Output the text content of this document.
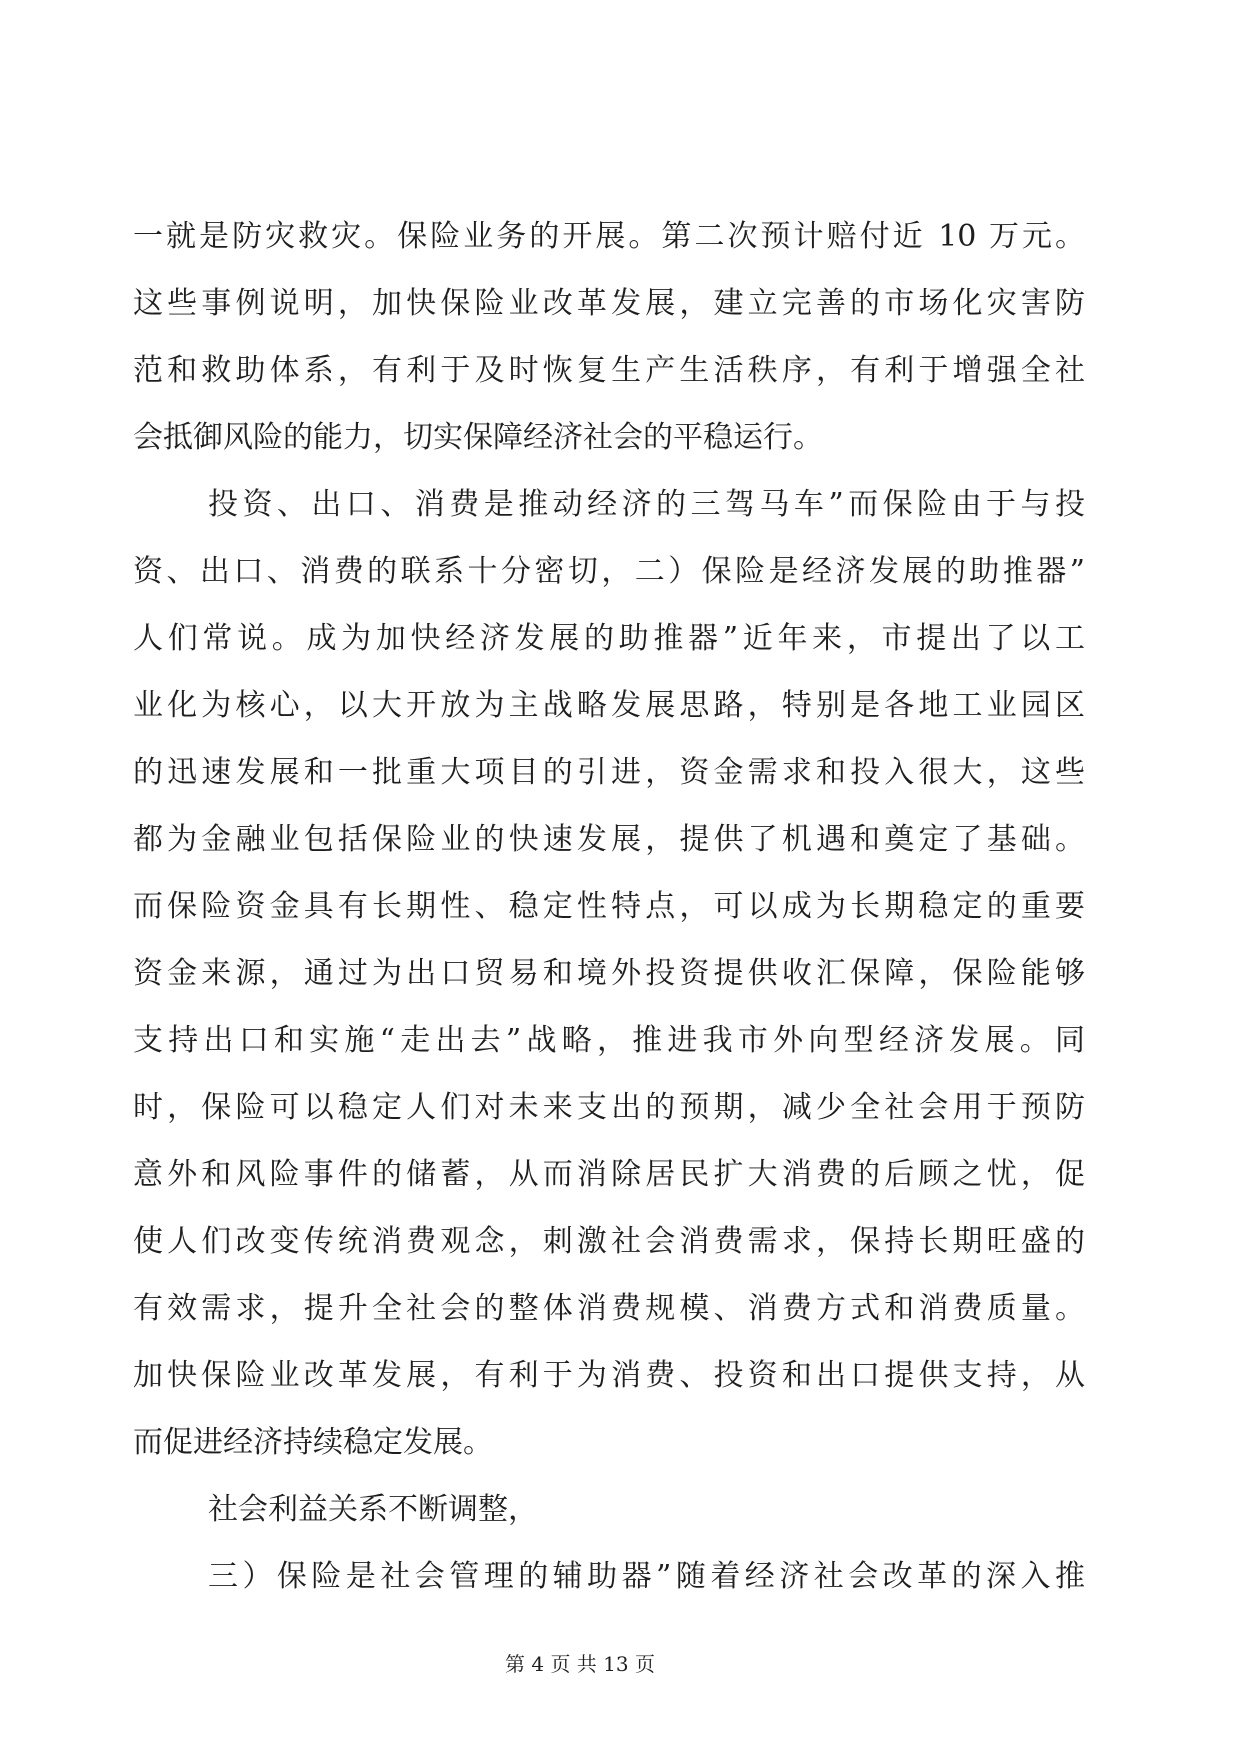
一就是防灾救灾。保险业务的开展。第二次预计赔付近 10 万元。
这些事例说明，加快保险业改革发展，建立完善的市场化灾害防
范和救助体系，有利于及时恢复生产生活秩序，有利于增强全社
会抵御风险的能力，切实保障经济社会的平稳运行。
投资、出口、消费是推动经济的三驾马车”而保险由于与投
资、出口、消费的联系十分密切，二）保险是经济发展的助推器”
人们常说。成为加快经济发展的助推器”近年来，市提出了以工
业化为核心，以大开放为主战略发展思路，特别是各地工业园区
的迅速发展和一批重大项目的引进，资金需求和投入很大，这些
都为金融业包括保险业的快速发展，提供了机遇和奠定了基础。
而保险资金具有长期性、稳定性特点，可以成为长期稳定的重要
资金来源，通过为出口贸易和境外投资提供收汇保障，保险能够
支持出口和实施“走出去”战略，推进我市外向型经济发展。同
时，保险可以稳定人们对未来支出的预期，减少全社会用于预防
意外和风险事件的储蓄，从而消除居民扩大消费的后顾之忧，促
使人们改变传统消费观念，刺激社会消费需求，保持长期旺盛的
有效需求，提升全社会的整体消费规模、消费方式和消费质量。
加快保险业改革发展，有利于为消费、投资和出口提供支持，从
而促进经济持续稳定发展。
社会利益关系不断调整，
三）保险是社会管理的辅助器”随着经济社会改革的深入推
第 4 页 共 13 页
